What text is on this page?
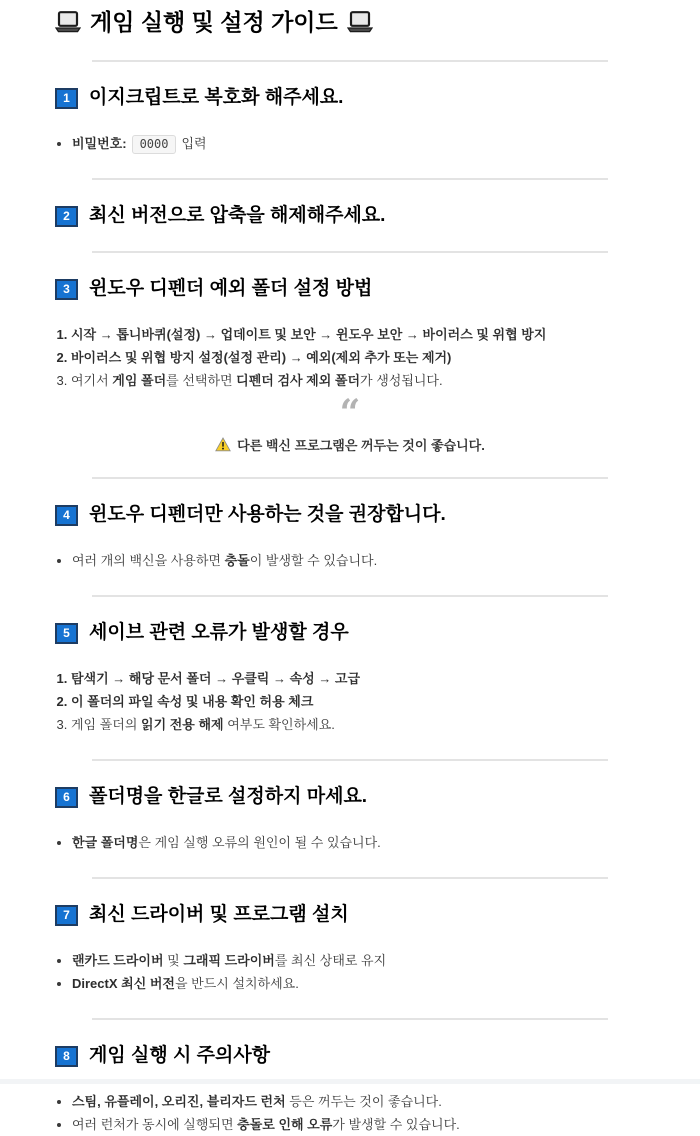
게임 실행 및 설정 가이드
1	이지크립트로 복호화 해주세요.
• 비밀번호: 0000 입력
2	최신 버전으로 압축을 해제해주세요.
3	윈도우 디펜더 예외 폴더 설정 방법
1. 시작 → 톱니바퀴(설정) → 업데이트 및 보안 → 윈도우 보안 → 바이러스 및 위협 방지
2. 바이러스 및 위협 방지 설정(설정 관리) → 예외(제외 추가 또는 제거)
3. 여기서 게임 폴더를 선택하면 디펜더 검사 제외 폴더가 생성됩니다.
“
다른 백신 프로그램은 꺼두는 것이 좋습니다.
4	윈도우 디펜더만 사용하는 것을 권장합니다.
• 여러 개의 백신을 사용하면 충돌이 발생할 수 있습니다.
5	세이브 관련 오류가 발생할 경우
1. 탐색기 → 해당 문서 폴더 → 우클릭 → 속성 → 고급
2. 이 폴더의 파일 속성 및 내용 확인 허용 체크
3. 게임 폴더의 읽기 전용 해제 여부도 확인하세요.
6	폴더명을 한글로 설정하지 마세요.
• 한글 폴더명은 게임 실행 오류의 원인이 될 수 있습니다.
7	최신 드라이버 및 프로그램 설치
• 랜카드 드라이버 및 그래픽 드라이버를 최신 상태로 유지
• DirectX 최신 버전을 반드시 설치하세요.
8	게임 실행 시 주의사항
• 스팀, 유플레이, 오리진, 블리자드 런처 등은 꺼두는 것이 좋습니다.
• 여러 런처가 동시에 실행되면 충돌로 인해 오류가 발생할 수 있습니다.
